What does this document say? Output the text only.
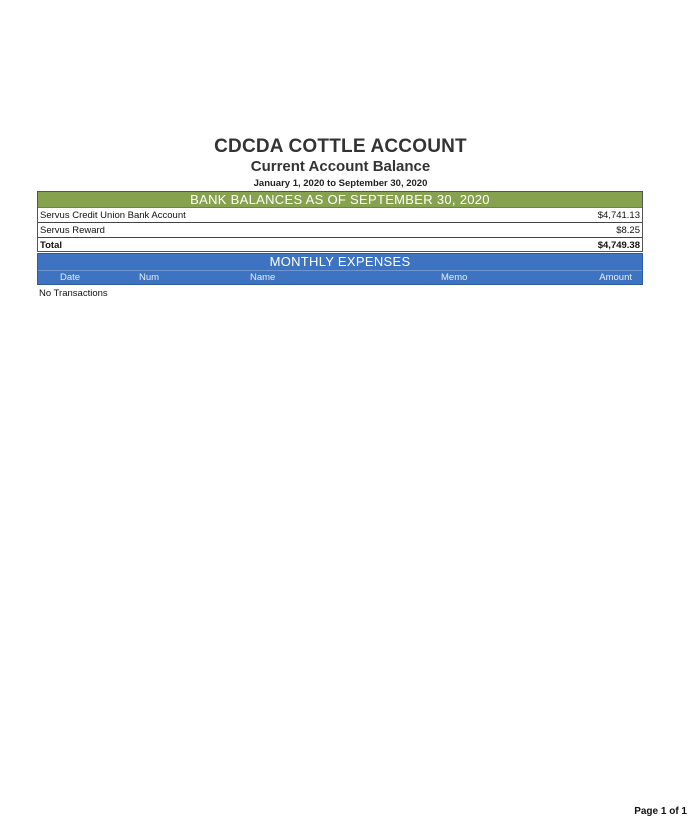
CDCDA COTTLE ACCOUNT
Current Account Balance
January 1, 2020 to September 30, 2020
BANK BALANCES AS OF SEPTEMBER 30, 2020
Servus Credit Union Bank Account	$4,741.13
Servus Reward	$8.25
Total	$4,749.38
MONTHLY EXPENSES
Date	Num	Name	Memo	Amount
No Transactions
Page 1 of 1
